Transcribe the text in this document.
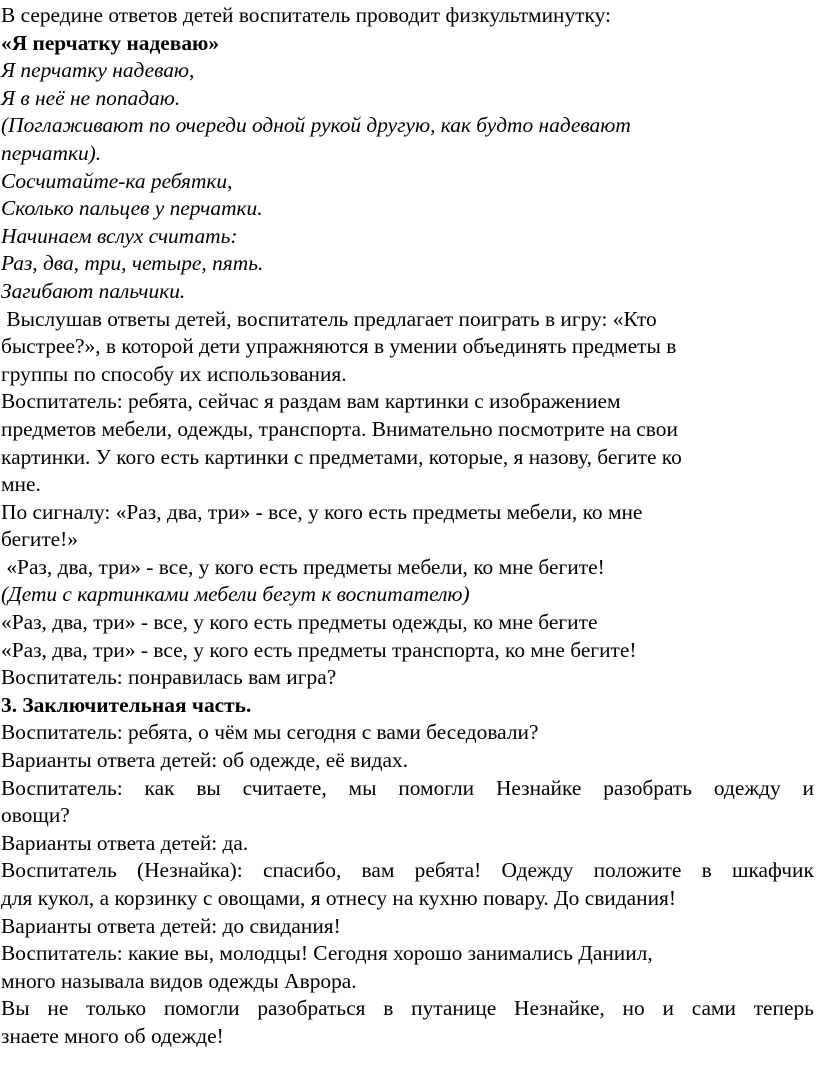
В середине ответов детей воспитатель проводит физкультминутку:

«Я перчатку надеваю»

Я перчатку надеваю,

Я в неё не попадаю.

(Поглаживают по очереди одной рукой другую, как будто надевают

перчатки).

Сосчитайте-ка ребятки,

Сколько пальцев у перчатки.

Начинаем вслух считать:

Раз, два, три, четыре, пять.

Загибают пальчики.

Выслушав ответы детей, воспитатель предлагает поиграть в игру: «Кто

быстрее?», в которой дети упражняются в умении объединять предметы в

группы по способу их использования.

Воспитатель: ребята, сейчас я раздам вам картинки с изображением

предметов мебели, одежды, транспорта. Внимательно посмотрите на свои

картинки. У кого есть картинки с предметами, которые, я назову, бегите ко

мне.

По сигналу: «Раз, два, три» - все, у кого есть предметы мебели, ко мне

бегите!»

«Раз, два, три» - все, у кого есть предметы мебели, ко мне бегите!

(Дети с картинками мебели бегут к воспитателю)

«Раз, два, три» - все, у кого есть предметы одежды, ко мне бегите

«Раз, два, три» - все, у кого есть предметы транспорта, ко мне бегите!

Воспитатель: понравилась вам игра?

3. Заключительная часть.

Воспитатель: ребята, о чём мы сегодня с вами беседовали?

Варианты ответа детей: об одежде, её видах.

Воспитатель: как вы считаете, мы помогли Незнайке разобрать одежду и

овощи?

Варианты ответа детей: да.

Воспитатель (Незнайка): спасибо, вам ребята! Одежду положите в шкафчик

для кукол, а корзинку с овощами, я отнесу на кухню повару. До свидания!

Варианты ответа детей: до свидания!

Воспитатель: какие вы, молодцы! Сегодня хорошо занимались Даниил,

много называла видов одежды Аврора.

Вы не только помогли разобраться в путанице Незнайке, но и сами теперь

знаете много об одежде!
